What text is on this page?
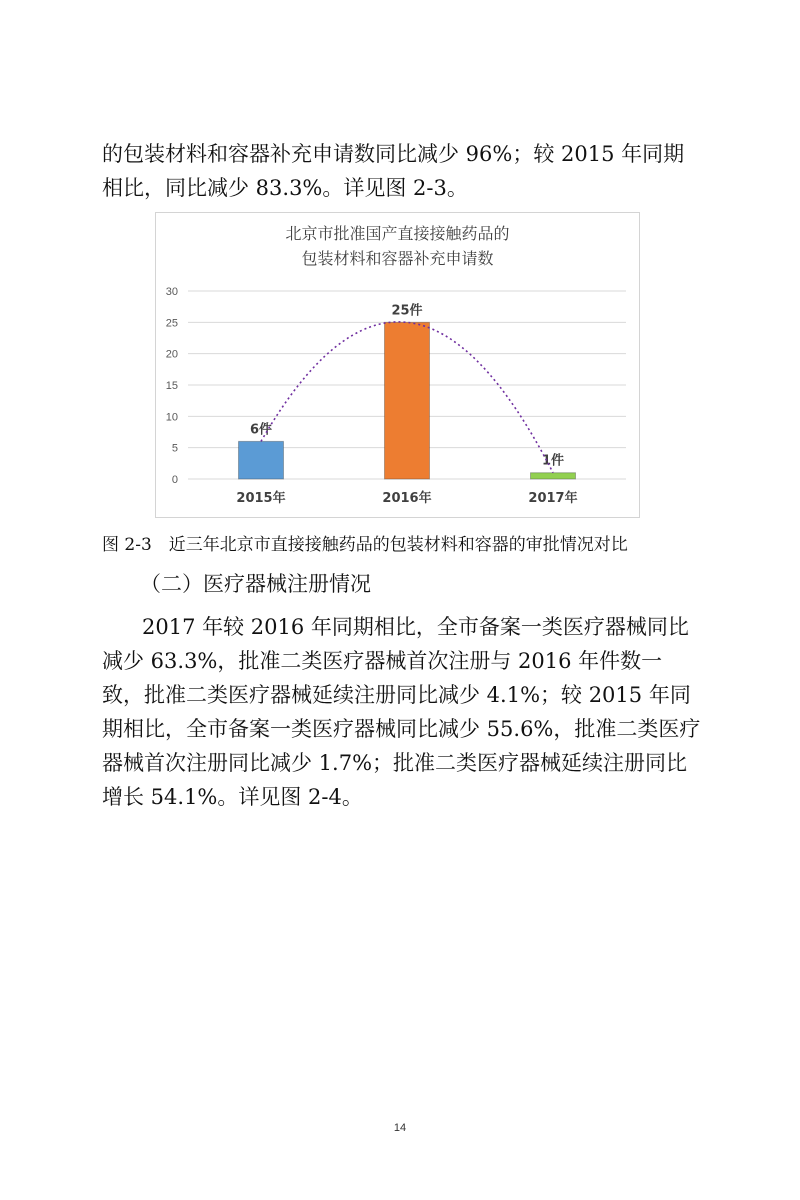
的包装材料和容器补充申请数同比减少 96%；较 2015 年同期相比，同比减少 83.3%。详见图 2-3。

北京市批准国产直接接触药品的
包装材料和容器补充申请数
0
5
10
15
20
25
30
6件
2015年
25件
2016年
1件
2017年
图 2-3　近三年北京市直接接触药品的包装材料和容器的审批情况对比

（二）医疗器械注册情况

2017 年较 2016 年同期相比，全市备案一类医疗器械同比减少 63.3%，批准二类医疗器械首次注册与 2016 年件数一致，批准二类医疗器械延续注册同比减少 4.1%；较 2015 年同期相比，全市备案一类医疗器械同比减少 55.6%，批准二类医疗器械首次注册同比减少 1.7%；批准二类医疗器械延续注册同比增长 54.1%。详见图 2-4。

14
